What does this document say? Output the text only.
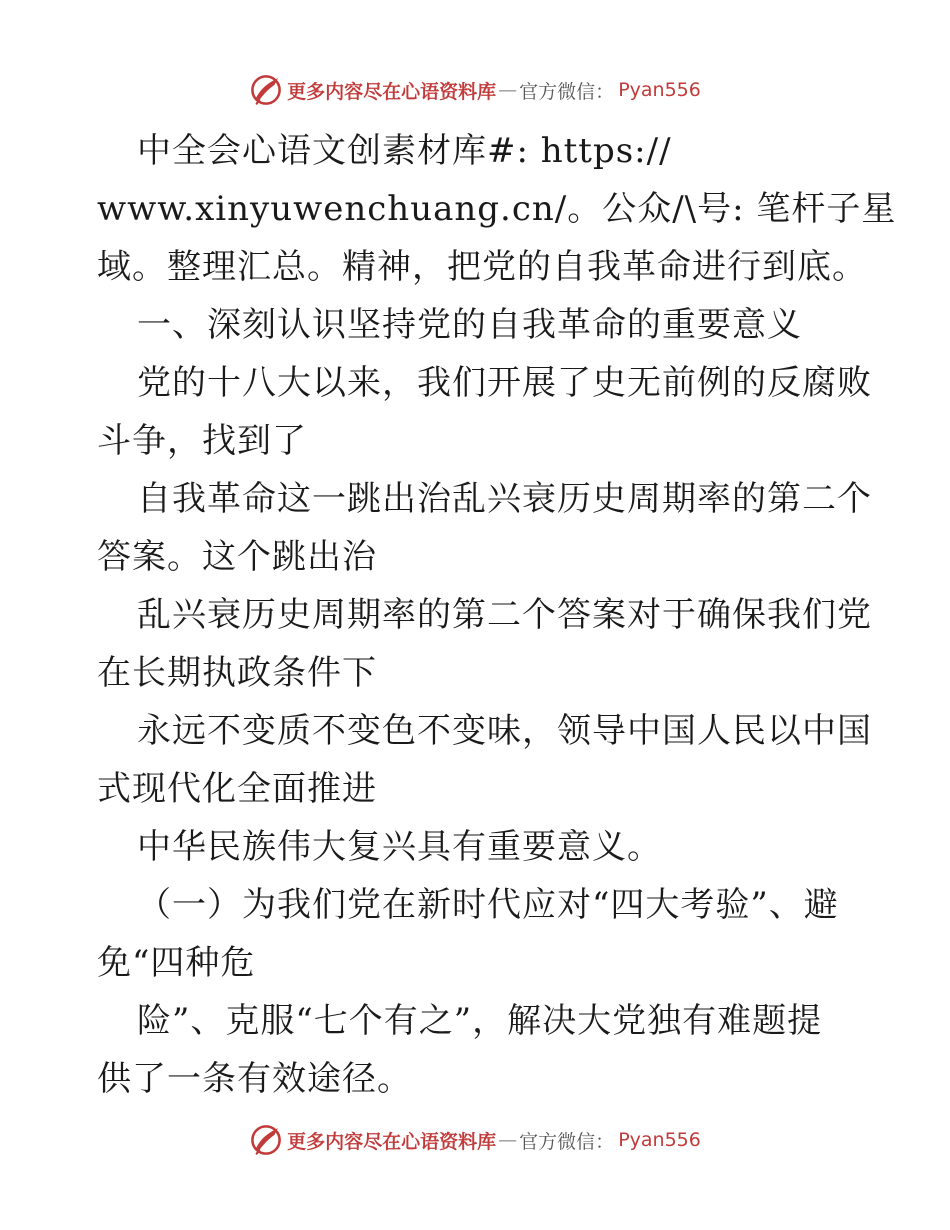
更多内容尽在心语资料库 — 官方微信： Pyan556
中全会心语文创素材库#: https://
www.xinyuwenchuang.cn/。公众/\号: 笔杆子星
域。整理汇总。精神，把党的自我革命进行到底。
一、深刻认识坚持党的自我革命的重要意义
党的十八大以来，我们开展了史无前例的反腐败
斗争，找到了
自我革命这一跳出治乱兴衰历史周期率的第二个
答案。这个跳出治
乱兴衰历史周期率的第二个答案对于确保我们党
在长期执政条件下
永远不变质不变色不变味，领导中国人民以中国
式现代化全面推进
中华民族伟大复兴具有重要意义。
（一）为我们党在新时代应对“四大考验”、避
免“四种危
险”、克服“七个有之”，解决大党独有难题提
供了一条有效途径。
更多内容尽在心语资料库 — 官方微信： Pyan556
